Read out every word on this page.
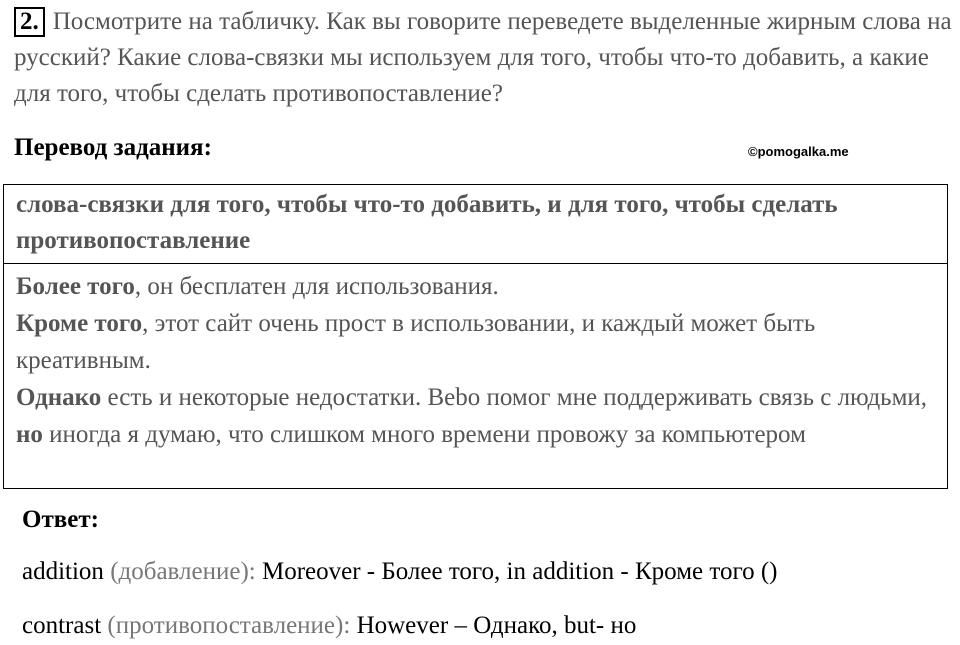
2. Посмотрите на табличку. Как вы говорите переведете выделенные жирным слова на русский? Какие слова-связки мы используем для того, чтобы что-то добавить, а какие для того, чтобы сделать противопоставление?
Перевод задания:	©pomogalka.me
слова-связки для того, чтобы что-то добавить, и для того, чтобы сделать противопоставление
Более того, он бесплатен для использования.
Кроме того, этот сайт очень прост в использовании, и каждый может быть креативным.
Однако есть и некоторые недостатки. Bebo помог мне поддерживать связь с людьми, но иногда я думаю, что слишком много времени провожу за компьютером
Ответ:
addition (добавление): Moreover - Более того, in addition - Кроме того ()
contrast (противопоставление): However – Однако, but- но
